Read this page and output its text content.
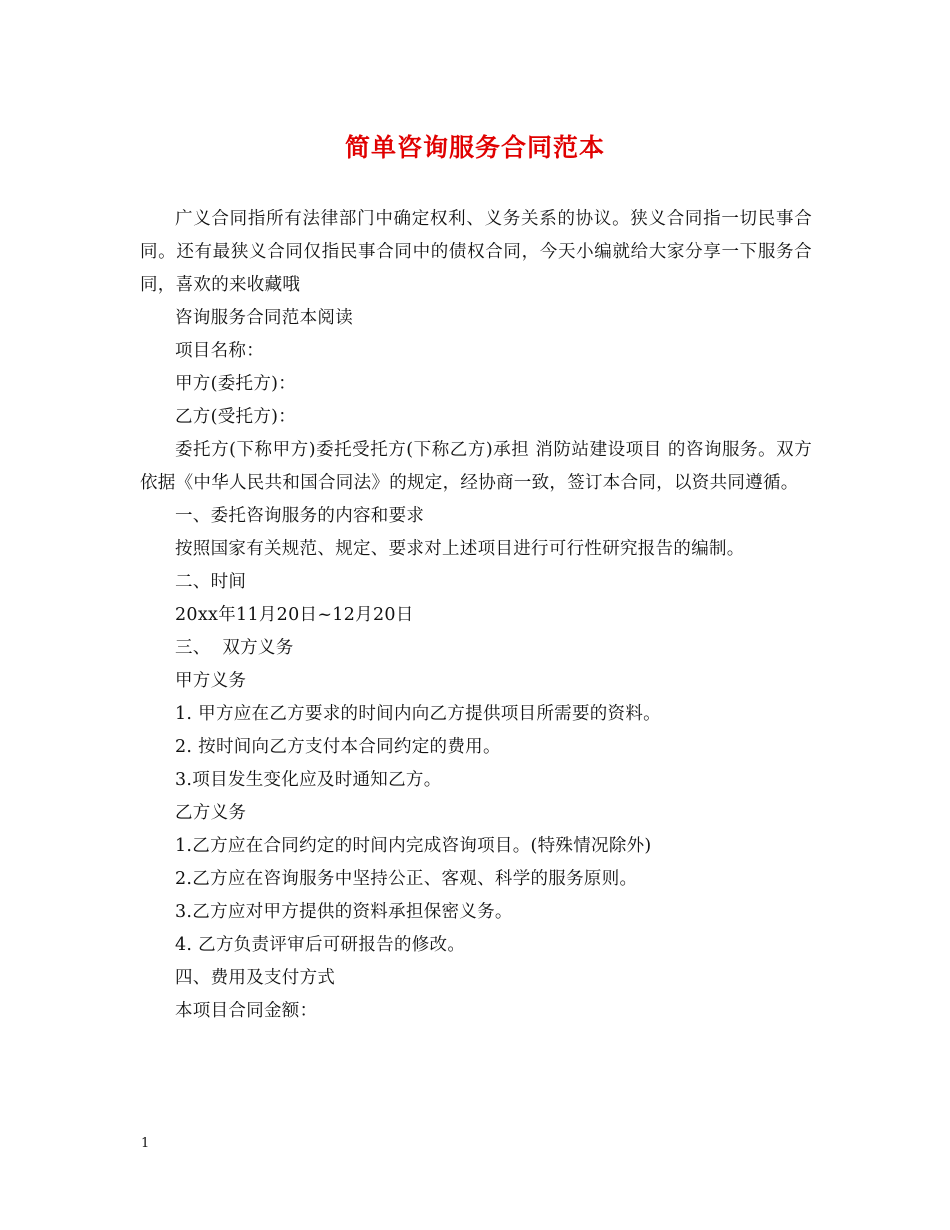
简单咨询服务合同范本

广义合同指所有法律部门中确定权利、义务关系的协议。狭义合同指一切民事合同。还有最狭义合同仅指民事合同中的债权合同，今天小编就给大家分享一下服务合同，喜欢的来收藏哦

咨询服务合同范本阅读

项目名称：

甲方(委托方)：

乙方(受托方)：

委托方(下称甲方)委托受托方(下称乙方)承担 消防站建设项目 的咨询服务。双方依据《中华人民共和国合同法》的规定，经协商一致，签订本合同，以资共同遵循。

一、委托咨询服务的内容和要求

按照国家有关规范、规定、要求对上述项目进行可行性研究报告的编制。

二、时间

20xx年11月20日~12月20日

三、  双方义务

甲方义务

1. 甲方应在乙方要求的时间内向乙方提供项目所需要的资料。

2. 按时间向乙方支付本合同约定的费用。

3.项目发生变化应及时通知乙方。

乙方义务

1.乙方应在合同约定的时间内完成咨询项目。(特殊情况除外)

2.乙方应在咨询服务中坚持公正、客观、科学的服务原则。

3.乙方应对甲方提供的资料承担保密义务。

4. 乙方负责评审后可研报告的修改。

四、费用及支付方式

本项目合同金额：

1
